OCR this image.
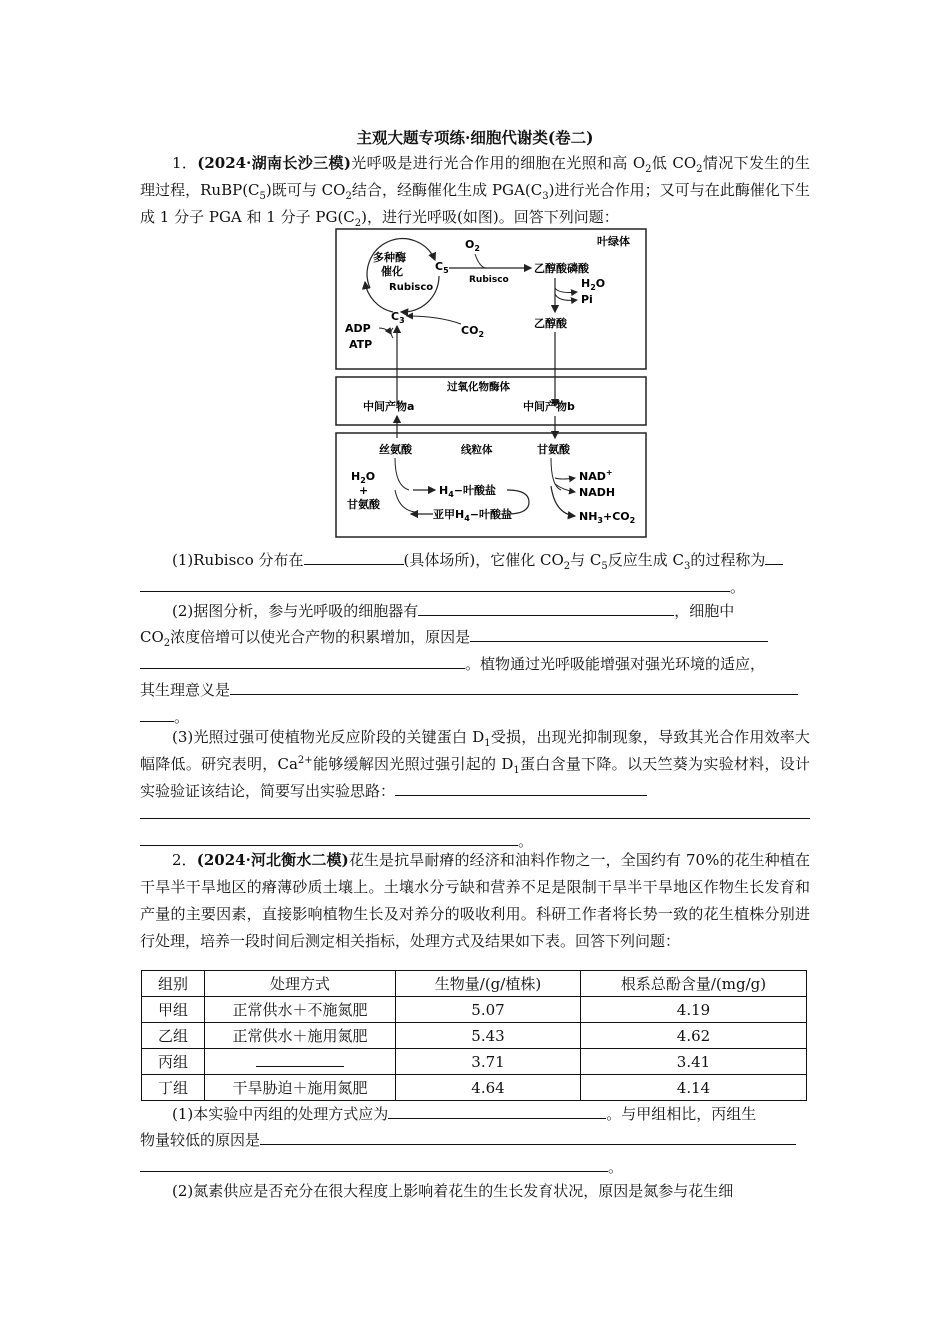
主观大题专项练·细胞代谢类(卷二)
1．(2024·湖南长沙三模)光呼吸是进行光合作用的细胞在光照和高 $O_2$低 $CO_2$情况下发生的生理过程，$RuBP(C_5)$既可与 $CO_2$结合，经酶催化生成 $PGA(C_3)$进行光合作用；又可与在此酶催化下生成 1 分子 PGA 和 1 分子 $PG(C_2)$，进行光呼吸(如图)。回答下列问题：
叶绿体
多种酶
催化
Rubisco
$C_5$
$C_3$
$O_2$
Rubisco
乙醇酸磷酸
$H_2O$
Pi
乙醇酸
ADP
ATP
$CO_2$
过氧化物酶体
中间产物a	中间产物b
丝氨酸	线粒体	甘氨酸
$H_2O$
+
甘氨酸
$H_4-$叶酸盐
亚甲$H_4-$叶酸盐
NAD+
NADH
$NH_3+CO_2$
(1)Rubisco 分布在	(具体场所)，它催化 $CO_2$与 $C_5$反应生成 $C_3$的过程称为
。
(2)据图分析，参与光呼吸的细胞器有	，细胞中
$CO_2$浓度倍增可以使光合产物的积累增加，原因是
。植物通过光呼吸能增强对强光环境的适应，
其生理意义是
。
(3)光照过强可使植物光反应阶段的关键蛋白 $D_1$受损，出现光抑制现象，导致其光合作用效率大幅降低。研究表明，$Ca^{2+}$能够缓解因光照过强引起的 $D_1$蛋白含量下降。以天竺葵为实验材料，设计实验验证该结论，简要写出实验思路：

。
2．(2024·河北衡水二模)花生是抗旱耐瘠的经济和油料作物之一，全国约有 70%的花生种植在干旱半干旱地区的瘠薄砂质土壤上。土壤水分亏缺和营养不足是限制干旱半干旱地区作物生长发育和产量的主要因素，直接影响植物生长及对养分的吸收利用。科研工作者将长势一致的花生植株分别进行处理，培养一段时间后测定相关指标，处理方式及结果如下表。回答下列问题：
组别	处理方式	生物量/(g/植株)	根系总酚含量/(mg/g)
甲组	正常供水＋不施氮肥	5.07	4.19
乙组	正常供水＋施用氮肥	5.43	4.62
丙组		3.71	3.41
丁组	干旱胁迫＋施用氮肥	4.64	4.14
(1)本实验中丙组的处理方式应为	。与甲组相比，丙组生
物量较低的原因是
。
(2)氮素供应是否充分在很大程度上影响着花生的生长发育状况，原因是氮参与花生细
